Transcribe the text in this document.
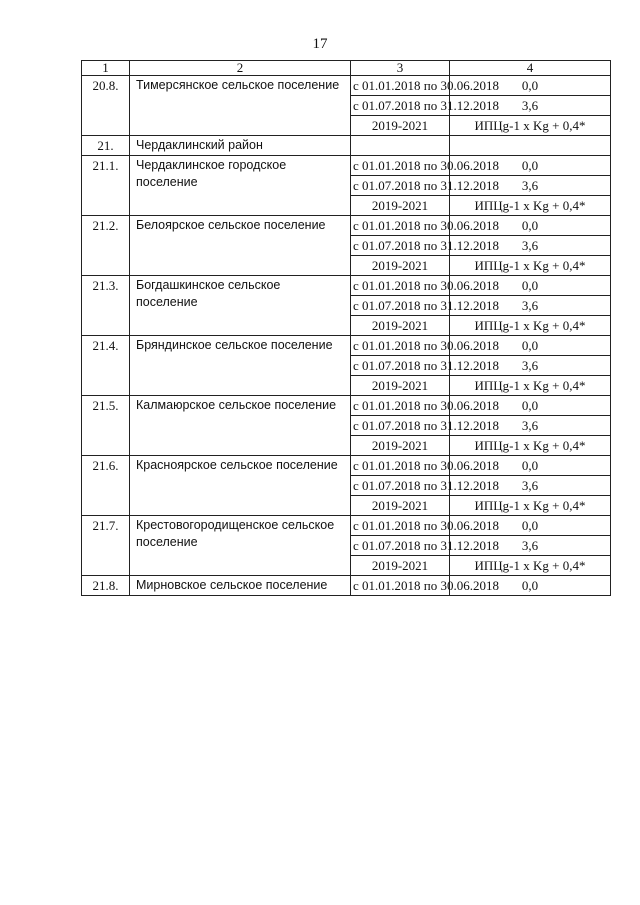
17
1	2	3	4
20.8.	Тимерсянское сельское поселение	с 01.01.2018 по 30.06.2018	0,0
		с 01.07.2018 по 31.12.2018	3,6
		2019-2021	ИПЦg-1 x Kg + 0,4*
21.	Чердаклинский район		
21.1.	Чердаклинское городское поселение	с 01.01.2018 по 30.06.2018	0,0
		с 01.07.2018 по 31.12.2018	3,6
		2019-2021	ИПЦg-1 x Kg + 0,4*
21.2.	Белоярское сельское поселение	с 01.01.2018 по 30.06.2018	0,0
		с 01.07.2018 по 31.12.2018	3,6
		2019-2021	ИПЦg-1 x Kg + 0,4*
21.3.	Богдашкинское сельское поселение	с 01.01.2018 по 30.06.2018	0,0
		с 01.07.2018 по 31.12.2018	3,6
		2019-2021	ИПЦg-1 x Kg + 0,4*
21.4.	Бряндинское сельское поселение	с 01.01.2018 по 30.06.2018	0,0
		с 01.07.2018 по 31.12.2018	3,6
		2019-2021	ИПЦg-1 x Kg + 0,4*
21.5.	Калмаюрское сельское поселение	с 01.01.2018 по 30.06.2018	0,0
		с 01.07.2018 по 31.12.2018	3,6
		2019-2021	ИПЦg-1 x Kg + 0,4*
21.6.	Красноярское сельское поселение	с 01.01.2018 по 30.06.2018	0,0
		с 01.07.2018 по 31.12.2018	3,6
		2019-2021	ИПЦg-1 x Kg + 0,4*
21.7.	Крестовогородищенское сельское поселение	с 01.01.2018 по 30.06.2018	0,0
		с 01.07.2018 по 31.12.2018	3,6
		2019-2021	ИПЦg-1 x Kg + 0,4*
21.8.	Мирновское сельское поселение	с 01.01.2018 по 30.06.2018	0,0
